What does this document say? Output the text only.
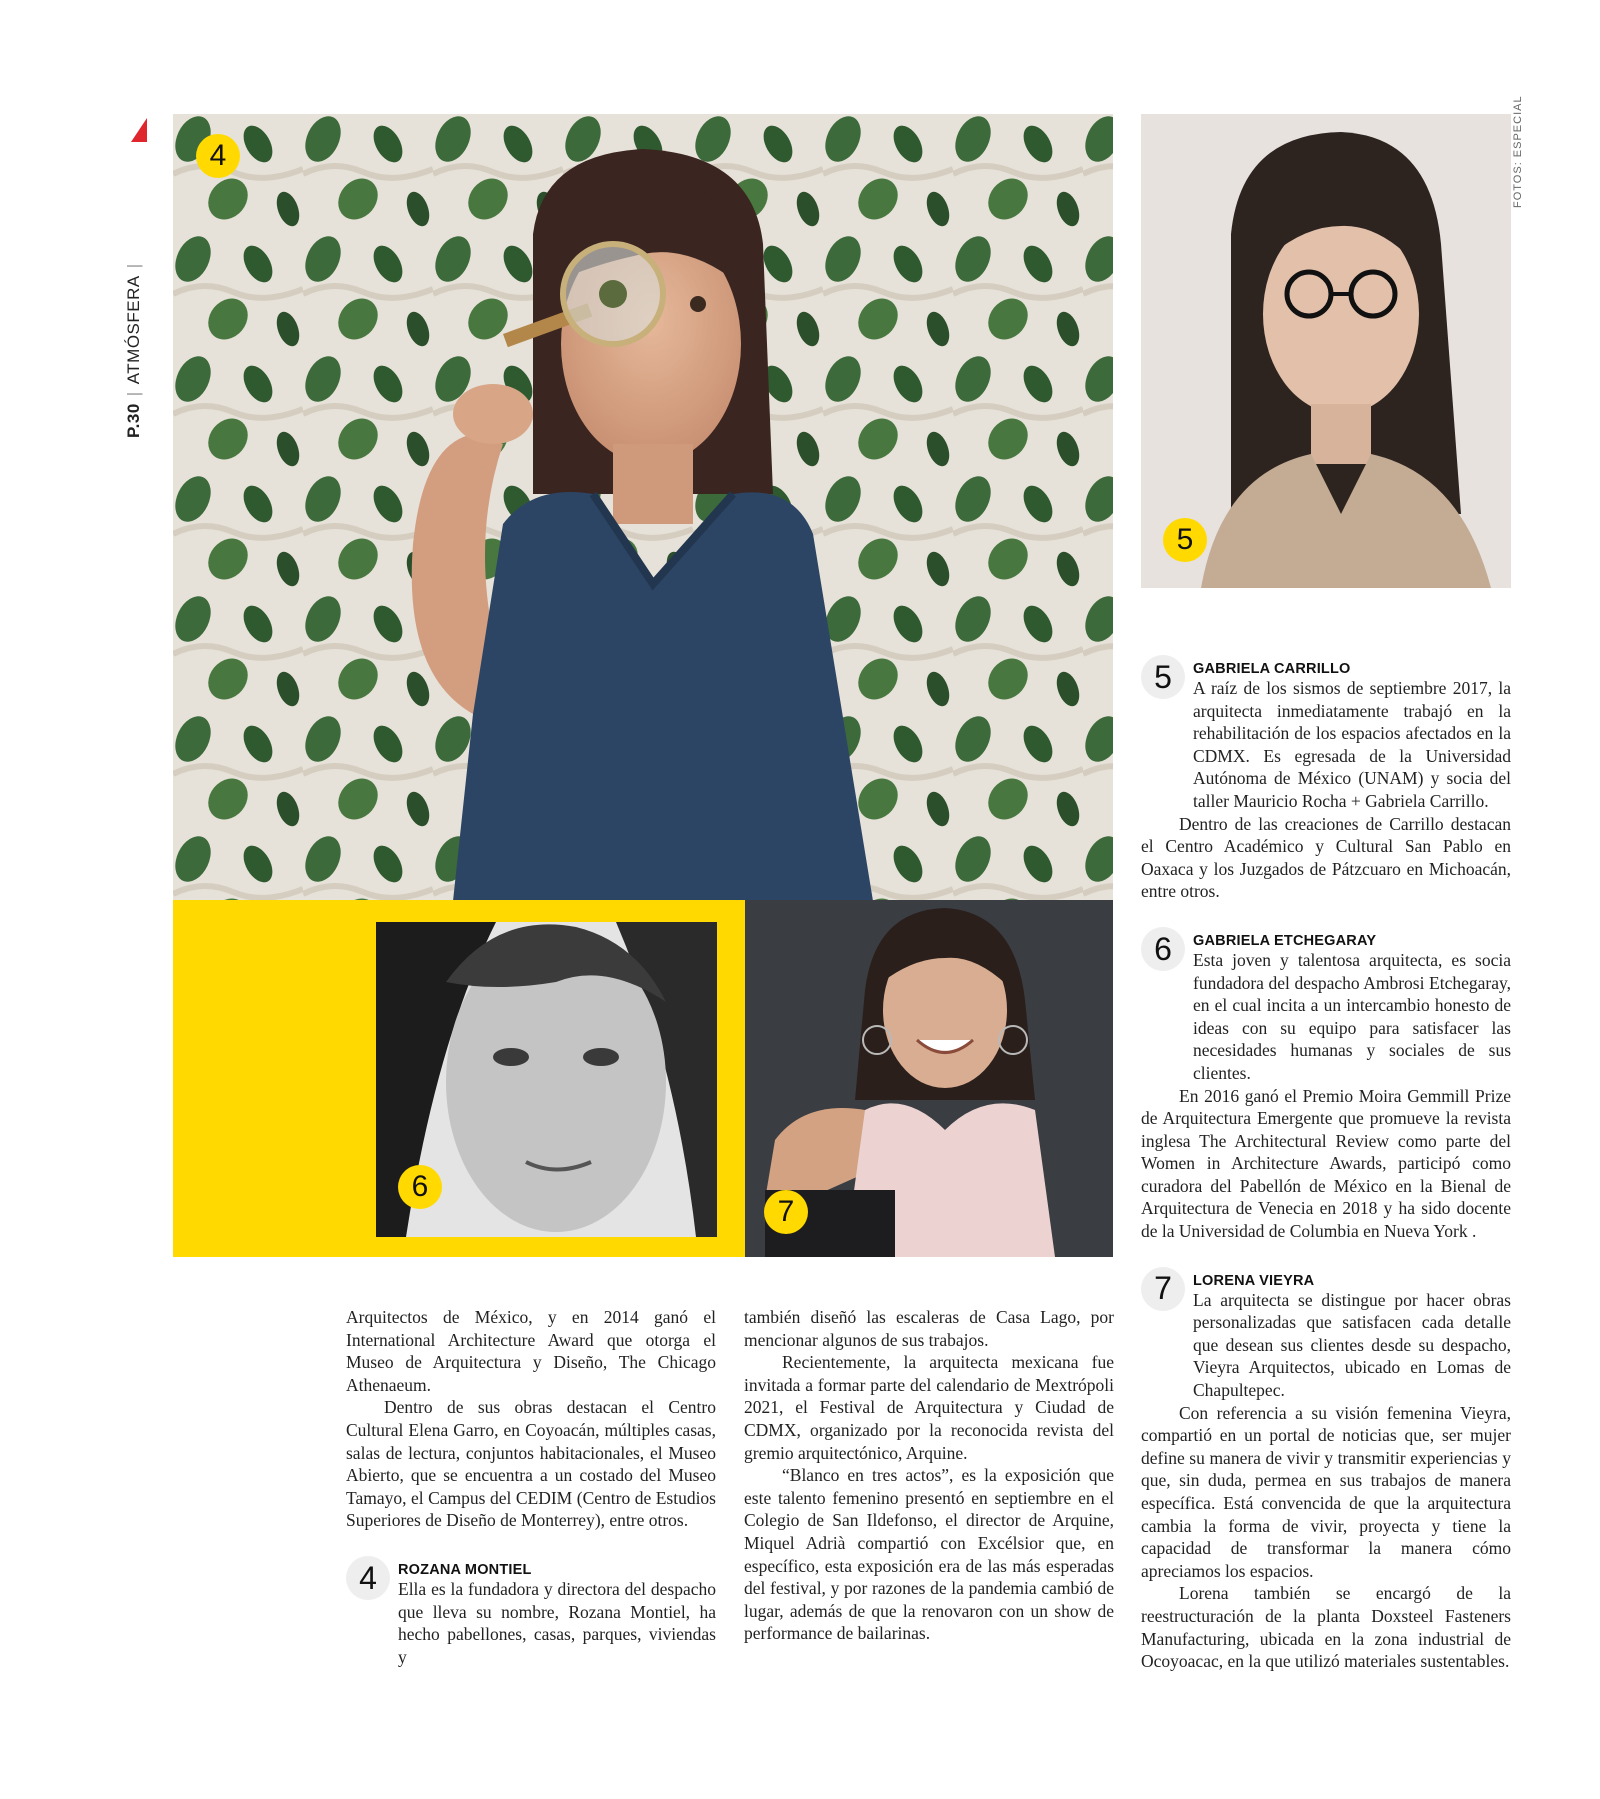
P.30|ATMÓSFERA|
FOTOS: ESPECIAL
4
5
6
7

Arquitectos de México, y en 2014 ganó el International Architecture Award que otorga el Museo de Arquitectura y Diseño, The Chicago Athenaeum.

Dentro de sus obras destacan el Centro Cultural Elena Garro, en Coyoacán, múltiples casas, salas de lectura, conjuntos habitacionales, el Museo Abierto, que se encuentra a un costado del Museo Tamayo, el Campus del CEDIM (Centro de Estudios Superiores de Diseño de Monterrey), entre otros.

4	ROZANA MONTIEL

Ella es la fundadora y directora del despacho que lleva su nombre, Rozana Montiel, ha hecho pabellones, casas, parques, viviendas y

también diseñó las escaleras de Casa Lago, por mencionar algunos de sus trabajos.

Recientemente, la arquitecta mexicana fue invitada a formar parte del calendario de Mextrópoli 2021, el Festival de Arquitectura y Ciudad de CDMX, organizado por la reconocida revista del gremio arquitectónico, Arquine.

“Blanco en tres actos”, es la exposición que este talento femenino presentó en septiembre en el Colegio de San Ildefonso, el director de Arquine, Miquel Adrià compartió con Excélsior que, en específico, esta exposición era de las más esperadas del festival, y por razones de la pandemia cambió de lugar, además de que la renovaron con un show de performance de bailarinas.

5	GABRIELA CARRILLO

A raíz de los sismos de septiembre 2017, la arquitecta inmediatamente trabajó en la rehabilitación de los espacios afectados en la CDMX. Es egresada de la Universidad Autónoma de México (UNAM) y socia del taller Mauricio Rocha + Gabriela Carrillo.

Dentro de las creaciones de Carrillo destacan el Centro Académico y Cultural San Pablo en Oaxaca y los Juzgados de Pátzcuaro en Michoacán, entre otros.

6	GABRIELA ETCHEGARAY

Esta joven y talentosa arquitecta, es socia fundadora del despacho Ambrosi Etchegaray, en el cual incita a un intercambio honesto de ideas con su equipo para satisfacer las necesidades humanas y sociales de sus clientes.

En 2016 ganó el Premio Moira Gemmill Prize de Arquitectura Emergente que promueve la revista inglesa The Architectural Review como parte del Women in Architecture Awards, participó como curadora del Pabellón de México en la Bienal de Arquitectura de Venecia en 2018 y ha sido docente de la Universidad de Columbia en Nueva York .

7	LORENA VIEYRA

La arquitecta se distingue por hacer obras personalizadas que satisfacen cada detalle que desean sus clientes desde su despacho, Vieyra Arquitectos, ubicado en Lomas de Chapultepec.

Con referencia a su visión femenina Vieyra, compartió en un portal de noticias que, ser mujer define su manera de vivir y transmitir experiencias y que, sin duda, permea en sus trabajos de manera específica. Está convencida de que la arquitectura cambia la forma de vivir, proyecta y tiene la capacidad de transformar la manera cómo apreciamos los espacios.

Lorena también se encargó de la reestructuración de la planta Doxsteel Fasteners Manufacturing, ubicada en la zona industrial de Ocoyoacac, en la que utilizó materiales sustentables.
